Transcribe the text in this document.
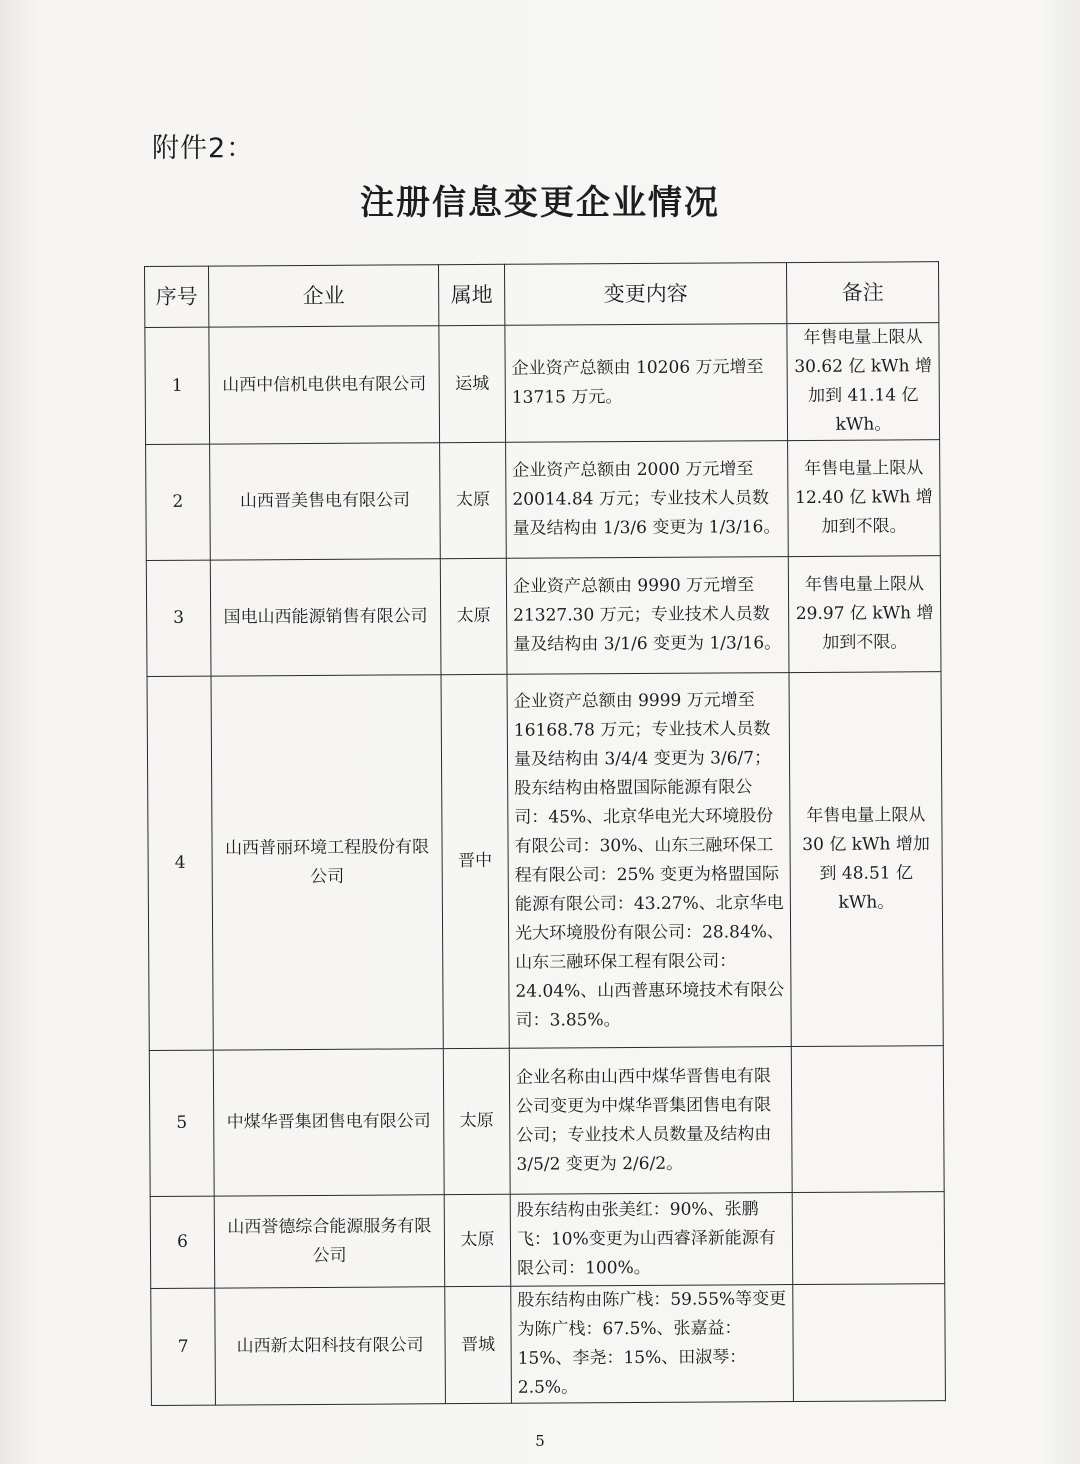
附件2：
注册信息变更企业情况
序号	企业	属地	变更内容	备注
1	山西中信机电供电有限公司	运城	企业资产总额由 10206 万元增至 13715 万元。	年售电量上限从 30.62 亿 kWh 增加到 41.14 亿 kWh。
2	山西晋美售电有限公司	太原	企业资产总额由 2000 万元增至 20014.84 万元；专业技术人员数量及结构由 1/3/6 变更为 1/3/16。	年售电量上限从 12.40 亿 kWh 增加到不限。
3	国电山西能源销售有限公司	太原	企业资产总额由 9990 万元增至 21327.30 万元；专业技术人员数量及结构由 3/1/6 变更为 1/3/16。	年售电量上限从 29.97 亿 kWh 增加到不限。
4	山西普丽环境工程股份有限公司	晋中	企业资产总额由 9999 万元增至 16168.78 万元；专业技术人员数量及结构由 3/4/4 变更为 3/6/7；股东结构由格盟国际能源有限公司：45%、北京华电光大环境股份有限公司：30%、山东三融环保工程有限公司：25% 变更为格盟国际能源有限公司：43.27%、北京华电光大环境股份有限公司：28.84%、山东三融环保工程有限公司：24.04%、山西普惠环境技术有限公司：3.85%。	年售电量上限从 30 亿 kWh 增加到 48.51 亿 kWh。
5	中煤华晋集团售电有限公司	太原	企业名称由山西中煤华晋售电有限公司变更为中煤华晋集团售电有限公司；专业技术人员数量及结构由 3/5/2 变更为 2/6/2。	
6	山西誉德综合能源服务有限公司	太原	股东结构由张美红：90%、张鹏飞：10%变更为山西睿泽新能源有限公司：100%。	
7	山西新太阳科技有限公司	晋城	股东结构由陈广栈：59.55%等变更为陈广栈：67.5%、张嘉益：15%、李尧：15%、田淑琴：2.5%。	
5
